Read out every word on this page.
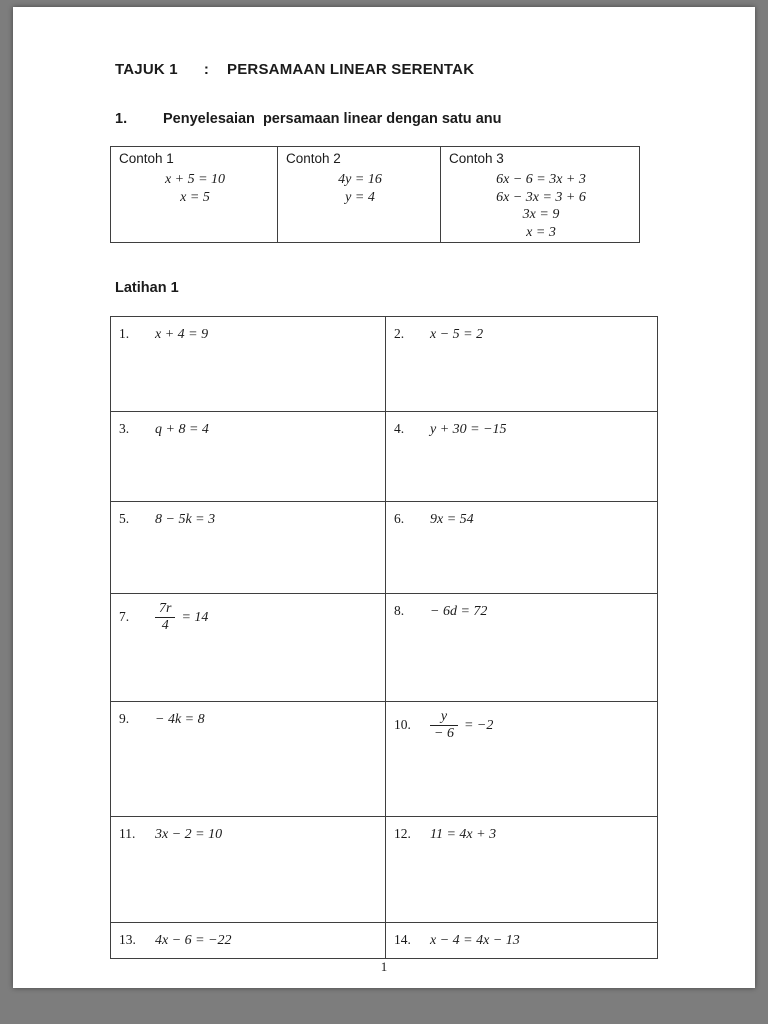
TAJUK 1 : PERSAMAAN LINEAR SERENTAK
1.	Penyelesaian  persamaan linear dengan satu anu
Contoh 1
x + 5 = 10
x = 5
Contoh 2
4y = 16
y = 4
Contoh 3
6x − 6 = 3x + 3
6x − 3x = 3 + 6
3x = 9
x = 3
Latihan 1
1. x + 4 = 9	2. x − 5 = 2
3. q + 8 = 4	4. y + 30 = −15
5. 8 − 5k = 3	6. 9x = 54
7. $\frac{7r}{4} = 14$	8. − 6d = 72
9. − 4k = 8	10. $\frac{y}{- 6} = -2$
11. 3x − 2 = 10	12. 11 = 4x + 3
13. 4x − 6 = −22	14. x − 4 = 4x − 13
1
